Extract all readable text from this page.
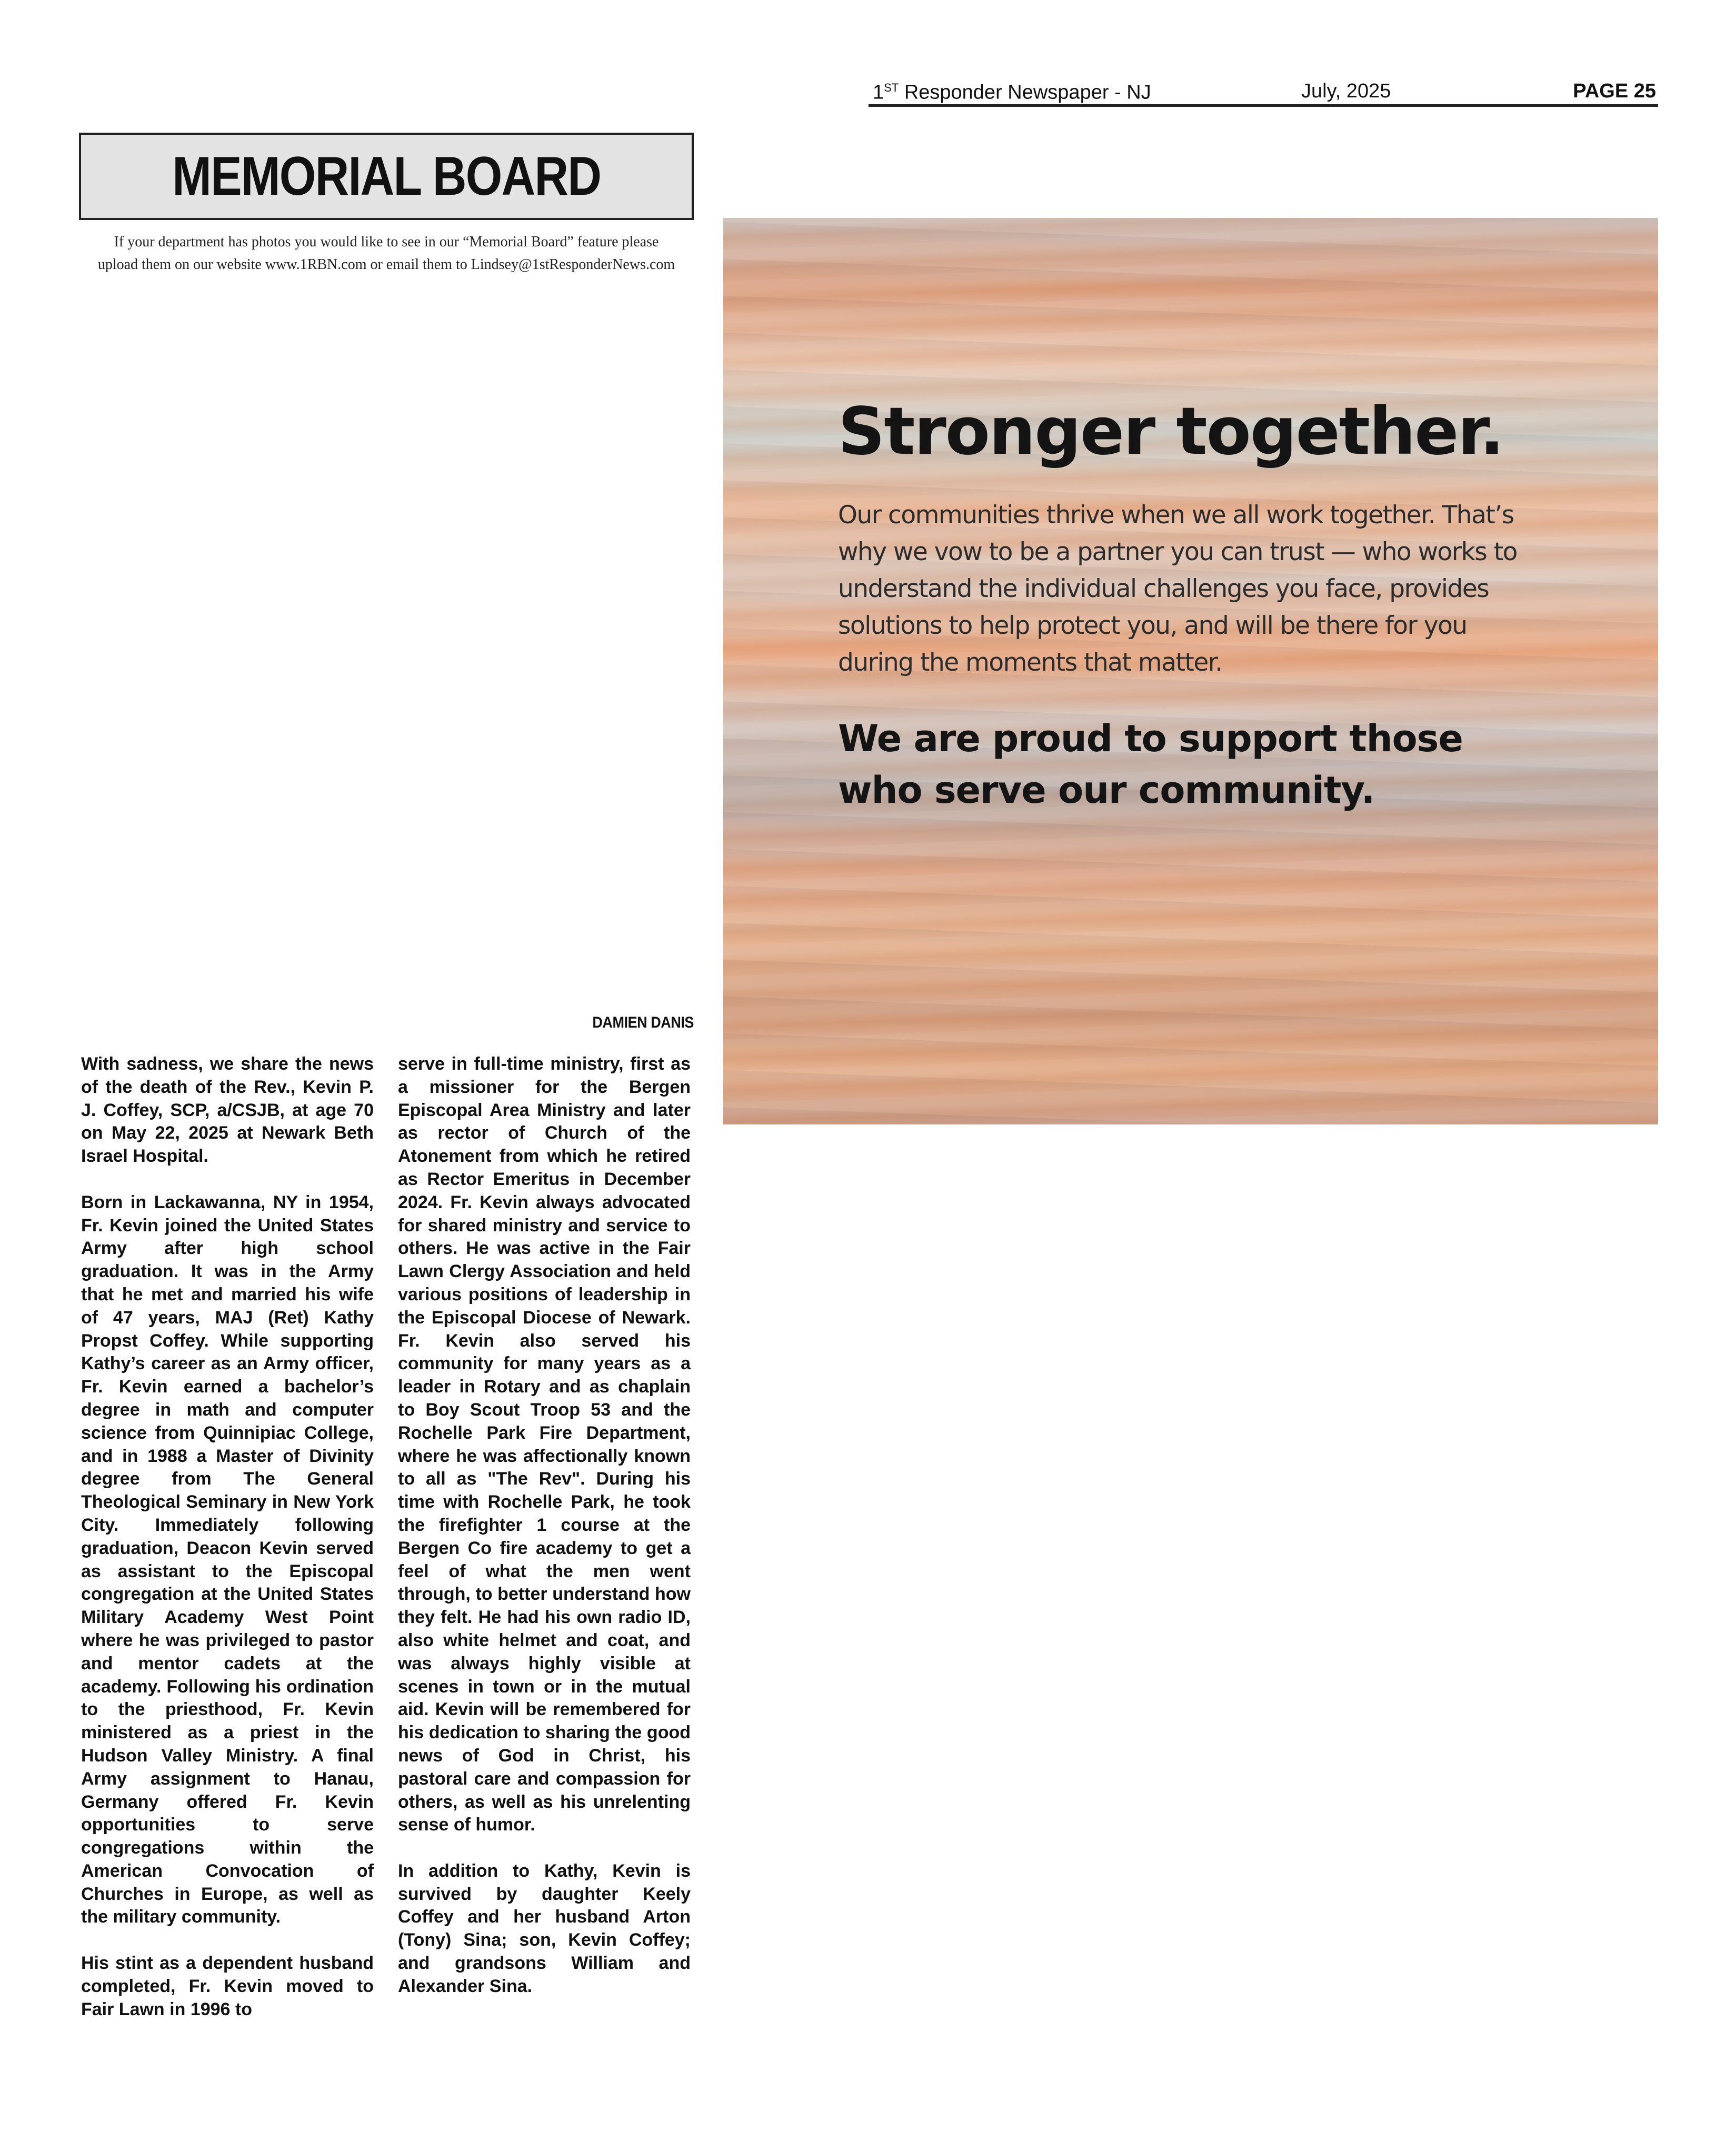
1ST Responder Newspaper - NJ	July, 2025	PAGE 25
MEMORIAL BOARD
If your department has photos you would like to see in our “Memorial Board” feature please
upload them on our website www.1RBN.com or email them to Lindsey@1stResponderNews.com
DAMIEN DANIS

With sadness, we share the news of the death of the Rev., Kevin P. J. Coffey, SCP, a/CSJB, at age 70 on May 22, 2025 at Newark Beth Israel Hospital.

Born in Lackawanna, NY in 1954, Fr. Kevin joined the United States Army after high school graduation. It was in the Army that he met and married his wife of 47 years, MAJ (Ret) Kathy Propst Coffey. While supporting Kathy’s career as an Army officer, Fr. Kevin earned a bachelor’s degree in math and computer science from Quinnipiac College, and in 1988 a Master of Divinity degree from The General Theological Seminary in New York City. Immediately following graduation, Deacon Kevin served as assistant to the Episcopal congregation at the United States Military Academy West Point where he was privileged to pastor and mentor cadets at the academy. Following his ordination to the priesthood, Fr. Kevin ministered as a priest in the Hudson Valley Ministry. A final Army assignment to Hanau, Germany offered Fr. Kevin opportunities to serve congregations within the American Convocation of Churches in Europe, as well as the military community.

His stint as a dependent husband completed, Fr. Kevin moved to Fair Lawn in 1996 to

serve in full-time ministry, first as a missioner for the Bergen Episcopal Area Ministry and later as rector of Church of the Atonement from which he retired as Rector Emeritus in December 2024. Fr. Kevin always advocated for shared ministry and service to others. He was active in the Fair Lawn Clergy Association and held various positions of leadership in the Episcopal Diocese of Newark. Fr. Kevin also served his community for many years as a leader in Rotary and as chaplain to Boy Scout Troop 53 and the Rochelle Park Fire Department, where he was affectionally known to all as "The Rev". During his time with Rochelle Park, he took the firefighter 1 course at the Bergen Co fire academy to get a feel of what the men went through, to better understand how they felt. He had his own radio ID, also white helmet and coat, and was always highly visible at scenes in town or in the mutual aid. Kevin will be remembered for his dedication to sharing the good news of God in Christ, his pastoral care and compassion for others, as well as his unrelenting sense of humor.

In addition to Kathy, Kevin is survived by daughter Keely Coffey and her husband Arton (Tony) Sina; son, Kevin Coffey; and grandsons William and Alexander Sina.

Stronger together.
Our communities thrive when we all work together. That’s why we vow to be a partner you can trust — who works to understand the individual challenges you face, provides solutions to help protect you, and will be there for you during the moments that matter.
We are proud to support those who serve our community.
